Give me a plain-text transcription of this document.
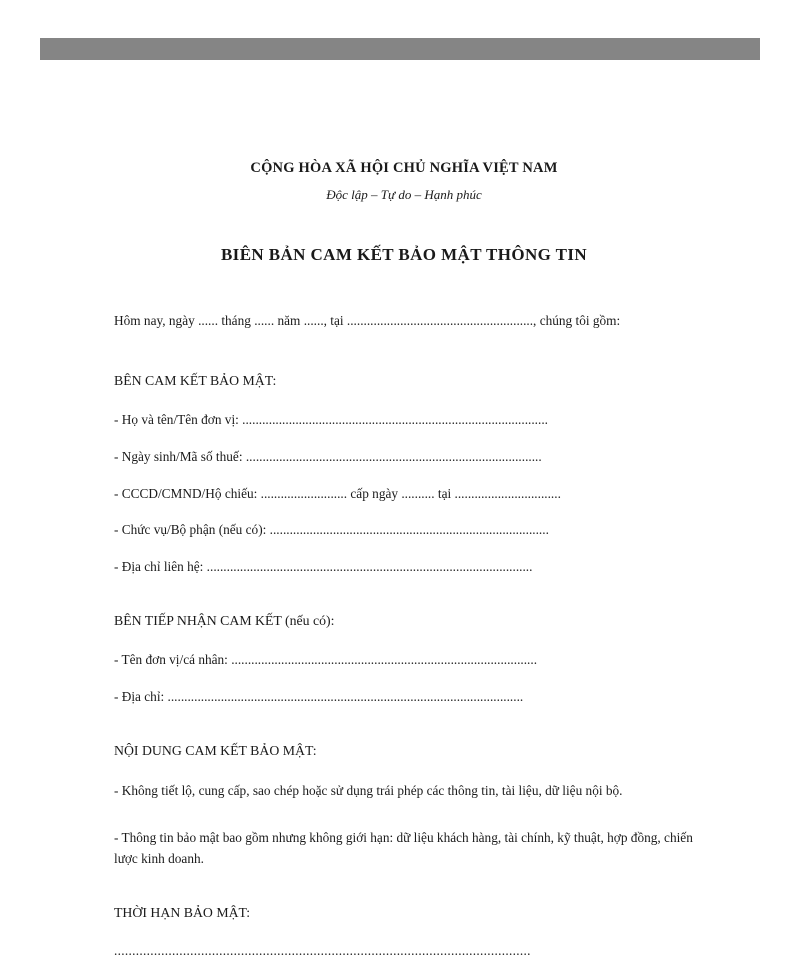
CỘNG HÒA XÃ HỘI CHỦ NGHĨA VIỆT NAM

Độc lập – Tự do – Hạnh phúc

BIÊN BẢN CAM KẾT BẢO MẬT THÔNG TIN

Hôm nay, ngày ...... tháng ...... năm ......, tại ........................................................, chúng tôi gồm:

BÊN CAM KẾT BẢO MẬT:

- Họ và tên/Tên đơn vị: ............................................................................................

- Ngày sinh/Mã số thuế: .........................................................................................

- CCCD/CMND/Hộ chiếu: .......................... cấp ngày .......... tại ................................

- Chức vụ/Bộ phận (nếu có): ....................................................................................

- Địa chỉ liên hệ: ..................................................................................................

BÊN TIẾP NHẬN CAM KẾT (nếu có):

- Tên đơn vị/cá nhân: ............................................................................................

- Địa chỉ: ...........................................................................................................

NỘI DUNG CAM KẾT BẢO MẬT:

- Không tiết lộ, cung cấp, sao chép hoặc sử dụng trái phép các thông tin, tài liệu, dữ liệu nội bộ.

- Thông tin bảo mật bao gồm nhưng không giới hạn: dữ liệu khách hàng, tài chính, kỹ thuật, hợp đồng, chiến lược kinh doanh.

THỜI HẠN BẢO MẬT:

...................................................................................................................
